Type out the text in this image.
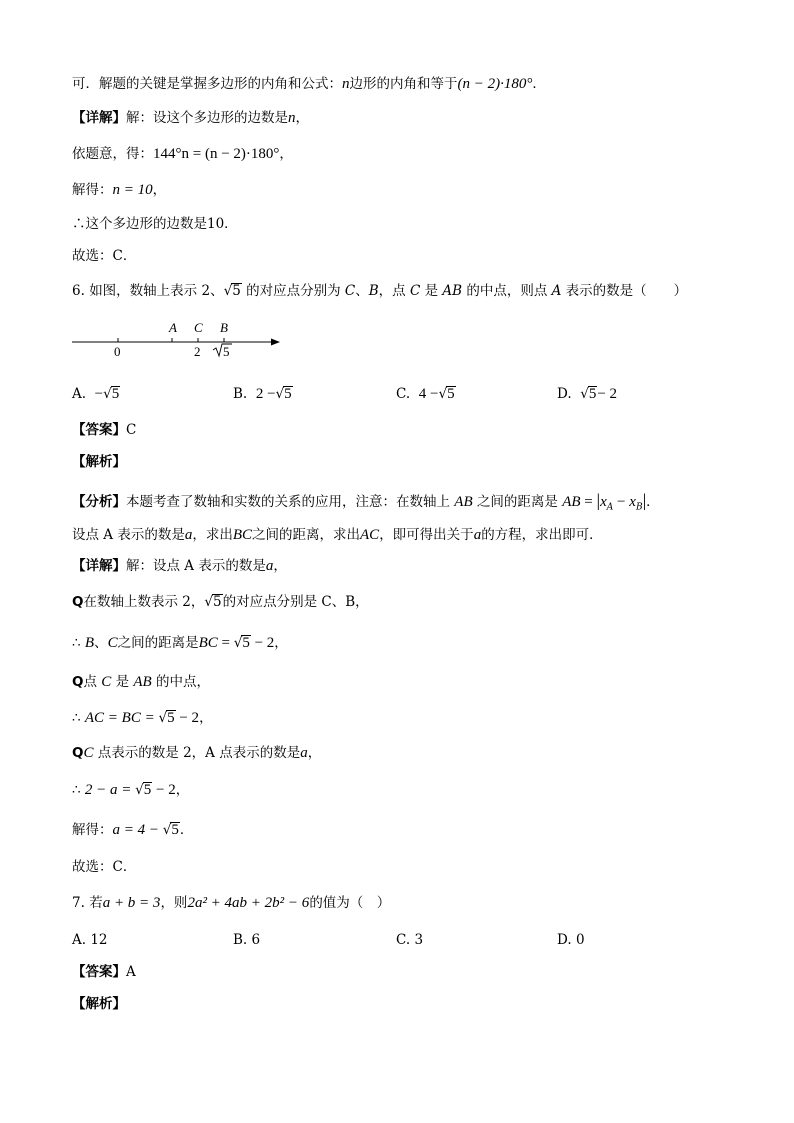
可．解题的关键是掌握多边形的内角和公式：n边形的内角和等于(n − 2)·180°．
【详解】解：设这个多边形的边数是n，
依题意，得：144°n = (n − 2)·180°，
解得：n = 10，
∴这个多边形的边数是10．
故选：C．
6. 如图，数轴上表示 2、√5 的对应点分别为 C、B，点 C 是 AB 的中点，则点 A 表示的数是（　　）
A C B
0	2 5
A. −√5	B. 2 −√5	C. 4 −√5	D. √5− 2
【答案】C
【解析】
【分析】本题考查了数轴和实数的关系的应用，注意：在数轴上 AB 之间的距离是 AB = $|x_A - x_B|$．
设点 A 表示的数是a，求出BC之间的距离，求出AC，即可得出关于a的方程，求出即可．
【详解】解：设点 A 表示的数是a，
Q在数轴上数表示 2，√5的对应点分别是 C、B，
∴ B、C之间的距离是BC = √5 − 2，
Q点 C 是 AB 的中点，
∴ AC = BC = √5 − 2，
QC 点表示的数是 2，A 点表示的数是a，
∴ 2 − a = √5 − 2，
解得：a = 4 − √5．
故选：C．
7. 若a + b = 3，则2a² + 4ab + 2b² − 6的值为（　）
A. 12	B. 6	C. 3	D. 0
【答案】A
【解析】
